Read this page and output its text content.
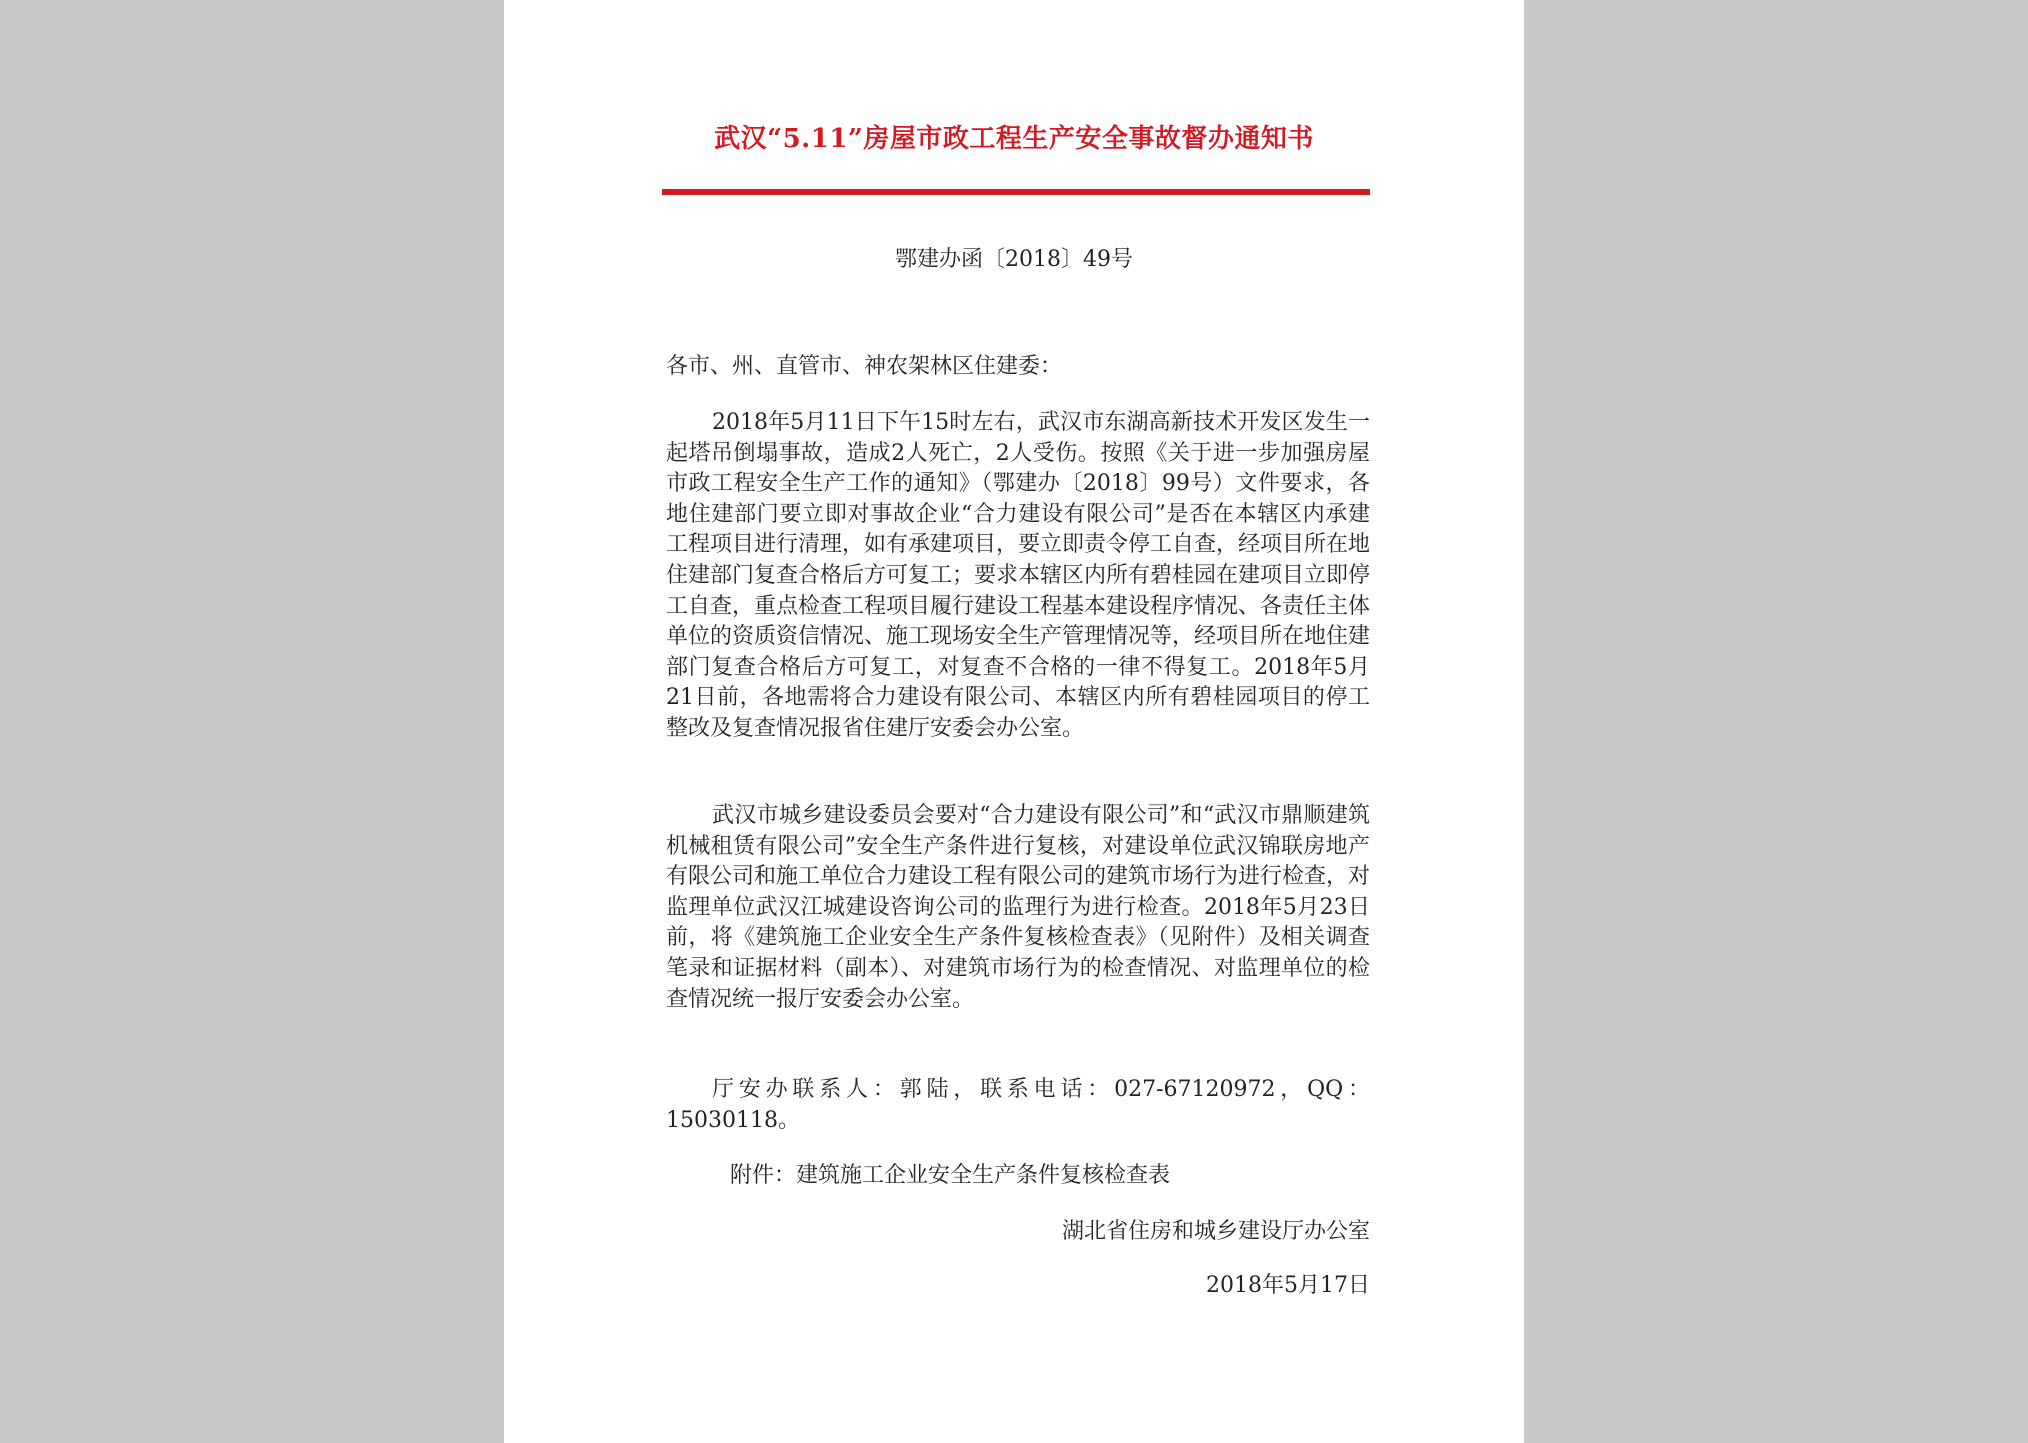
武汉“5.11”房屋市政工程生产安全事故督办通知书
鄂建办函〔2018〕49号
各市、州、直管市、神农架林区住建委：
2018年5月11日下午15时左右，武汉市东湖高新技术开发区发生一起塔吊倒塌事故，造成2人死亡，2人受伤。按照《关于进一步加强房屋市政工程安全生产工作的通知》（鄂建办〔2018〕99号）文件要求，各地住建部门要立即对事故企业“合力建设有限公司”是否在本辖区内承建工程项目进行清理，如有承建项目，要立即责令停工自查，经项目所在地住建部门复查合格后方可复工；要求本辖区内所有碧桂园在建项目立即停工自查，重点检查工程项目履行建设工程基本建设程序情况、各责任主体单位的资质资信情况、施工现场安全生产管理情况等，经项目所在地住建部门复查合格后方可复工，对复查不合格的一律不得复工。2018年5月21日前，各地需将合力建设有限公司、本辖区内所有碧桂园项目的停工整改及复查情况报省住建厅安委会办公室。
武汉市城乡建设委员会要对“合力建设有限公司”和“武汉市鼎顺建筑机械租赁有限公司”安全生产条件进行复核，对建设单位武汉锦联房地产有限公司和施工单位合力建设工程有限公司的建筑市场行为进行检查，对监理单位武汉江城建设咨询公司的监理行为进行检查。2018年5月23日前，将《建筑施工企业安全生产条件复核检查表》（见附件）及相关调查笔录和证据材料（副本）、对建筑市场行为的检查情况、对监理单位的检查情况统一报厅安委会办公室。
厅安办联系人：郭陆，联系电话：027-67120972，QQ：15030118。
附件：建筑施工企业安全生产条件复核检查表
湖北省住房和城乡建设厅办公室
2018年5月17日
